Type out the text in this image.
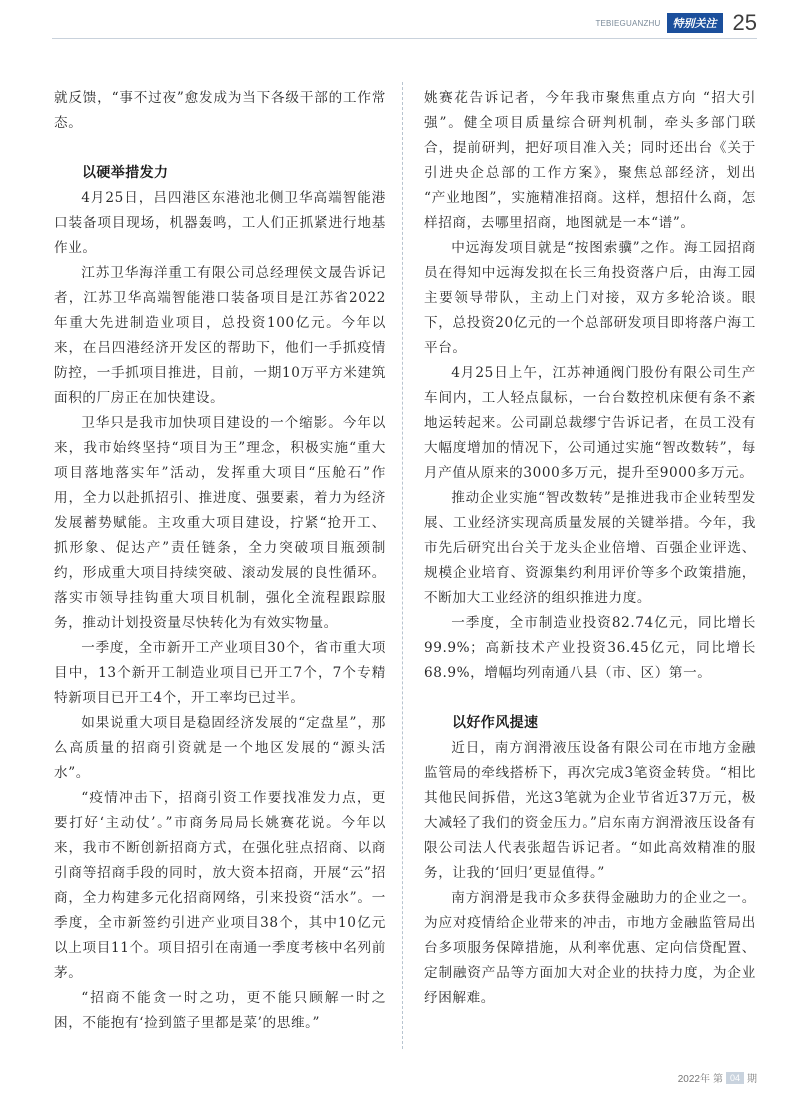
TEBIEGUANZHU	特别关注 25

就反馈，“事不过夜”愈发成为当下各级干部的工作常态。

以硬举措发力

4月25日，吕四港区东港池北侧卫华高端智能港口装备项目现场，机器轰鸣，工人们正抓紧进行地基作业。

江苏卫华海洋重工有限公司总经理侯文晟告诉记者，江苏卫华高端智能港口装备项目是江苏省2022年重大先进制造业项目，总投资100亿元。今年以来，在吕四港经济开发区的帮助下，他们一手抓疫情防控，一手抓项目推进，目前，一期10万平方米建筑面积的厂房正在加快建设。

卫华只是我市加快项目建设的一个缩影。今年以来，我市始终坚持“项目为王”理念，积极实施“重大项目落地落实年”活动，发挥重大项目“压舱石”作用，全力以赴抓招引、推进度、强要素，着力为经济发展蓄势赋能。主攻重大项目建设，拧紧“抢开工、抓形象、促达产”责任链条，全力突破项目瓶颈制约，形成重大项目持续突破、滚动发展的良性循环。落实市领导挂钩重大项目机制，强化全流程跟踪服务，推动计划投资量尽快转化为有效实物量。

一季度，全市新开工产业项目30个，省市重大项目中，13个新开工制造业项目已开工7个，7个专精特新项目已开工4个，开工率均已过半。

如果说重大项目是稳固经济发展的“定盘星”，那么高质量的招商引资就是一个地区发展的“源头活水”。

“疫情冲击下，招商引资工作要找准发力点，更要打好‘主动仗’。”市商务局局长姚赛花说。今年以来，我市不断创新招商方式，在强化驻点招商、以商引商等招商手段的同时，放大资本招商，开展“云”招商，全力构建多元化招商网络，引来投资“活水”。一季度，全市新签约引进产业项目38个，其中10亿元以上项目11个。项目招引在南通一季度考核中名列前茅。

“招商不能贪一时之功，更不能只顾解一时之困，不能抱有‘捡到篮子里都是菜’的思维。”

姚赛花告诉记者，今年我市聚焦重点方向 “招大引强”。健全项目质量综合研判机制，牵头多部门联合，提前研判，把好项目准入关；同时还出台《关于引进央企总部的工作方案》，聚焦总部经济，划出 “产业地图”，实施精准招商。这样，想招什么商，怎样招商，去哪里招商，地图就是一本“谱”。

中远海发项目就是“按图索骥”之作。海工园招商员在得知中远海发拟在长三角投资落户后，由海工园主要领导带队，主动上门对接，双方多轮洽谈。眼下，总投资20亿元的一个总部研发项目即将落户海工平台。

4月25日上午，江苏神通阀门股份有限公司生产车间内，工人轻点鼠标，一台台数控机床便有条不紊地运转起来。公司副总裁缪宁告诉记者，在员工没有大幅度增加的情况下，公司通过实施“智改数转”，每月产值从原来的3000多万元，提升至9000多万元。

推动企业实施“智改数转”是推进我市企业转型发展、工业经济实现高质量发展的关键举措。今年，我市先后研究出台关于龙头企业倍增、百强企业评选、规模企业培育、资源集约利用评价等多个政策措施，不断加大工业经济的组织推进力度。

一季度，全市制造业投资82.74亿元，同比增长99.9%；高新技术产业投资36.45亿元，同比增长68.9%，增幅均列南通八县（市、区）第一。

以好作风提速

近日，南方润滑液压设备有限公司在市地方金融监管局的牵线搭桥下，再次完成3笔资金转贷。“相比其他民间拆借，光这3笔就为企业节省近37万元，极大减轻了我们的资金压力。”启东南方润滑液压设备有限公司法人代表张超告诉记者。“如此高效精准的服务，让我的‘回归’更显值得。”

南方润滑是我市众多获得金融助力的企业之一。为应对疫情给企业带来的冲击，市地方金融监管局出台多项服务保障措施，从利率优惠、定向信贷配置、定制融资产品等方面加大对企业的扶持力度，为企业纾困解难。

2022年 第 04 期
